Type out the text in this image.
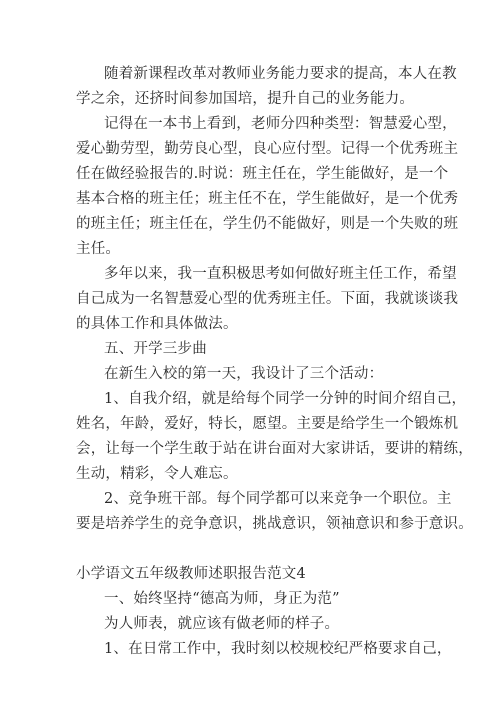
随着新课程改革对教师业务能力要求的提高，本人在教
学之余，还挤时间参加国培，提升自己的业务能力。
记得在一本书上看到，老师分四种类型：智慧爱心型，
爱心勤劳型，勤劳良心型，良心应付型。记得一个优秀班主
任在做经验报告的.时说：班主任在，学生能做好，是一个
基本合格的班主任；班主任不在，学生能做好，是一个优秀
的班主任；班主任在，学生仍不能做好，则是一个失败的班
主任。
多年以来，我一直积极思考如何做好班主任工作，希望
自己成为一名智慧爱心型的优秀班主任。下面，我就谈谈我
的具体工作和具体做法。
五、开学三步曲
在新生入校的第一天，我设计了三个活动：
1、自我介绍，就是给每个同学一分钟的时间介绍自己，
姓名，年龄，爱好，特长，愿望。主要是给学生一个锻炼机
会，让每一个学生敢于站在讲台面对大家讲话，要讲的精练，
生动，精彩，令人难忘。
2、竞争班干部。每个同学都可以来竞争一个职位。主
要是培养学生的竞争意识，挑战意识，领袖意识和参于意识。
小学语文五年级教师述职报告范文4
一、始终坚持“德高为师，身正为范”
为人师表，就应该有做老师的样子。
1、在日常工作中，我时刻以校规校纪严格要求自己，
